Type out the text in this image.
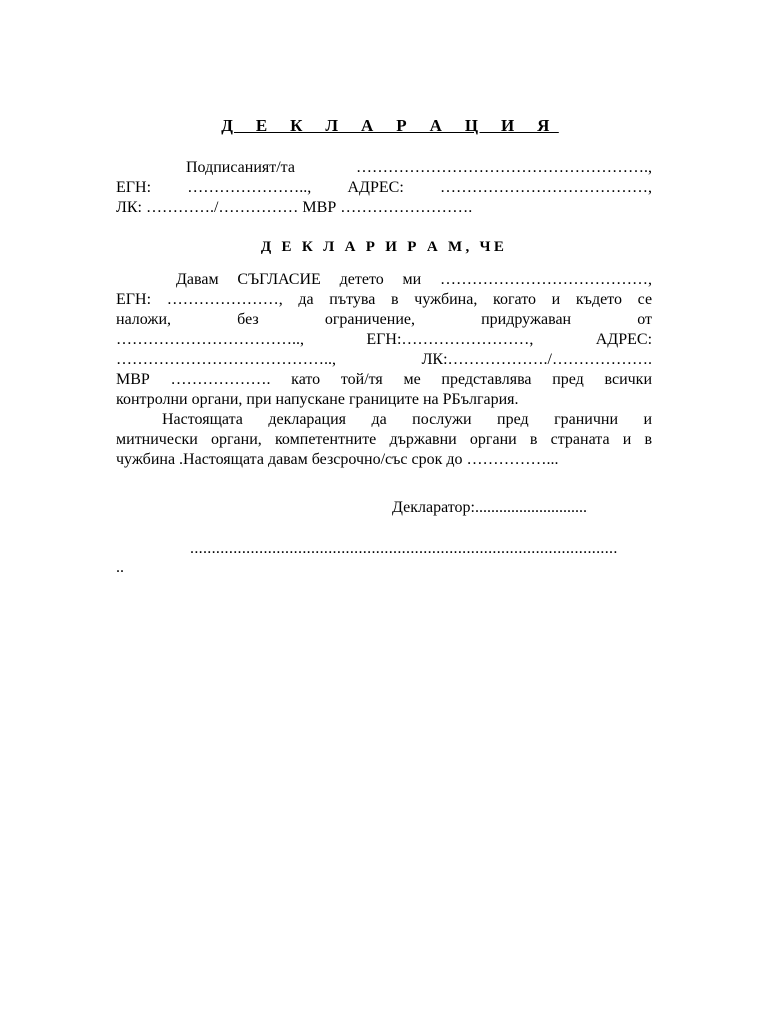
Д Е К Л А Р А Ц И Я
Подписаният/та	……………………………………………….,
ЕГН: ………………….., АДРЕС: …………………………………,
ЛК: …………./…………… МВР …………………….
Д Е К Л А Р И Р А М, ЧЕ
Давам СЪГЛАСИЕ детето ми …………………………………,
ЕГН: …………………, да пътува в чужбина, когато и където се
наложи,	без	ограничение,	придружаван	от
……………………………..,	ЕГН:……………………,	АДРЕС:
…………………………………..,	ЛК:………………./……………….
МВР ………………. като той/тя ме представлява пред всички
контролни органи, при напускане границите на РБългария.
Настоящата декларация да послужи пред гранични и
митнически органи, компетентните държавни органи в страната и в
чужбина .Настоящата давам безсрочно/със срок до ……………...
Декларатор:............................
...................................................................................................
..
